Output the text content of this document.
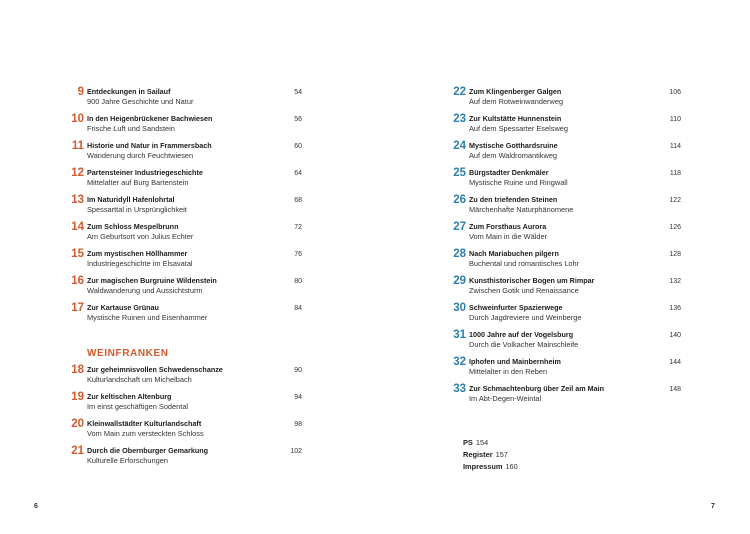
9 Entdeckungen in Sailauf
900 Jahre Geschichte und Natur
54
10 In den Heigenbrückener Bachwiesen
Frische Luft und Sandstein
56
11 Historie und Natur in Frammersbach
Wanderung durch Feuchtwiesen
60
12 Partensteiner Industriegeschichte
Mittelalter auf Burg Bartenstein
64
13 Im Naturidyll Hafenlohrtal
Spessarttal in Ursprünglichkeit
68
14 Zum Schloss Mespelbrunn
Am Geburtsort von Julius Echter
72
15 Zum mystischen Höllhammer
Industriegeschichte im Elsavatal
76
16 Zur magischen Burgruine Wildenstein
Waldwanderung und Aussichtsturm
80
17 Zur Kartause Grünau
Mystische Ruinen und Eisenhammer
84
WEINFRANKEN
18 Zur geheimnisvollen Schwedenschanze
Kulturlandschaft um Michelbach
90
19 Zur keltischen Altenburg
Im einst geschäftigen Sodental
94
20 Kleinwallstädter Kulturlandschaft
Vom Main zum versteckten Schloss
98
21 Durch die Obernburger Gemarkung
Kulturelle Erforschungen
102
22 Zum Klingenberger Galgen
Auf dem Rotweinwanderweg
106
23 Zur Kultstätte Hunnenstein
Auf dem Spessarter Eselsweg
110
24 Mystische Gotthardsruine
Auf dem Waldromantikweg
114
25 Bürgstadter Denkmäler
Mystische Ruine und Ringwall
118
26 Zu den triefenden Steinen
Märchenhafte Naturphänomene
122
27 Zum Forsthaus Aurora
Vom Main in die Wälder
126
28 Nach Mariabuchen pilgern
Buchental und romantisches Lohr
128
29 Kunsthistorischer Bogen um Rimpar
Zwischen Gotik und Renaissance
132
30 Schweinfurter Spazierwege
Durch Jagdreviere und Weinberge
136
31 1000 Jahre auf der Vogelsburg
Durch die Volkacher Mainschleife
140
32 Iphofen und Mainbernheim
Mittelalter in den Reben
144
33 Zur Schmachtenburg über Zeil am Main
Im Abt-Degen-Weintal
148
PS 154
Register 157
Impressum 160
6	7
